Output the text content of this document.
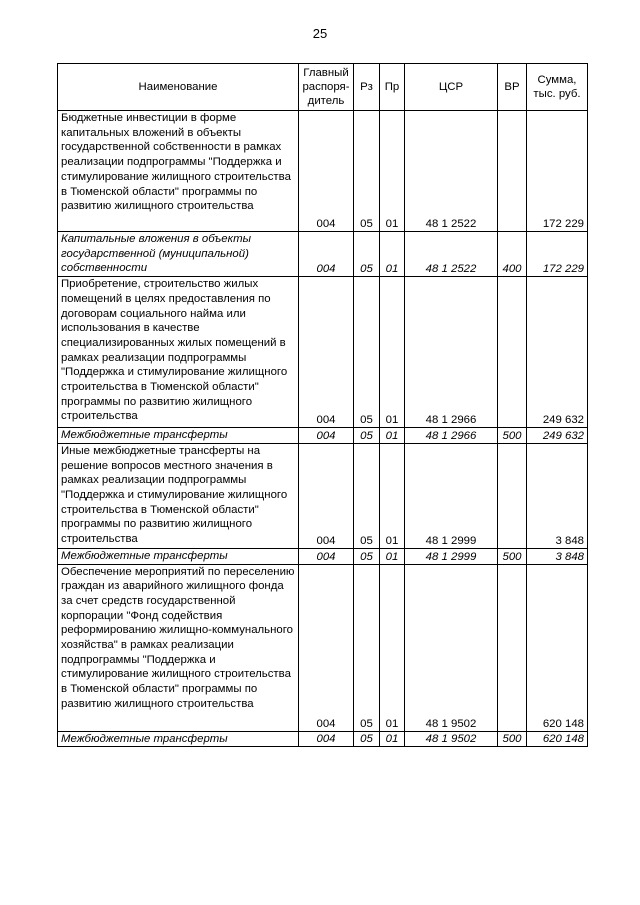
25
Наименование	Главный распоря-дитель	Рз	Пр	ЦСР	ВР	Сумма, тыс. руб.
Бюджетные инвестиции в форме капитальных вложений в объекты государственной собственности в рамках реализации подпрограммы "Поддержка и стимулирование жилищного строительства в Тюменской области" программы по развитию жилищного строительства	004	05	01	48 1 2522		172 229
Капитальные вложения в объекты государственной (муниципальной) собственности	004	05	01	48 1 2522	400	172 229
Приобретение, строительство жилых помещений в целях предоставления по договорам социального найма или использования в качестве специализированных жилых помещений в рамках реализации подпрограммы "Поддержка и стимулирование жилищного строительства в Тюменской области" программы по развитию жилищного строительства	004	05	01	48 1 2966		249 632
Межбюджетные трансферты	004	05	01	48 1 2966	500	249 632
Иные межбюджетные трансферты на решение вопросов местного значения в рамках реализации подпрограммы "Поддержка и стимулирование жилищного строительства в Тюменской области" программы по развитию жилищного строительства	004	05	01	48 1 2999		3 848
Межбюджетные трансферты	004	05	01	48 1 2999	500	3 848
Обеспечение мероприятий по переселению граждан из аварийного жилищного фонда за счет средств государственной корпорации "Фонд содействия реформированию жилищно-коммунального хозяйства" в рамках реализации подпрограммы "Поддержка и стимулирование жилищного строительства в Тюменской области" программы по развитию жилищного строительства	004	05	01	48 1 9502		620 148
Межбюджетные трансферты	004	05	01	48 1 9502	500	620 148
